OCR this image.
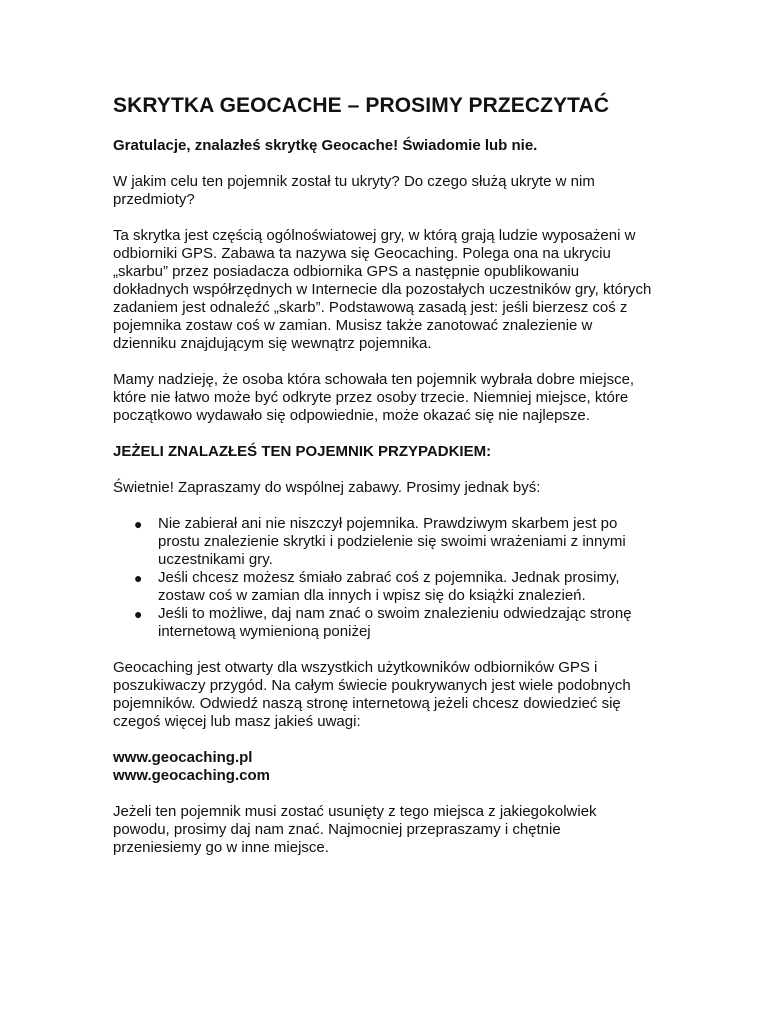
SKRYTKA GEOCACHE – PROSIMY PRZECZYTAĆ

Gratulacje, znalazłeś skrytkę Geocache! Świadomie lub nie.

W jakim celu ten pojemnik został tu ukryty? Do czego służą ukryte w nim przedmioty?

Ta skrytka jest częścią ogólnoświatowej gry, w którą grają ludzie wyposażeni w odbiorniki GPS. Zabawa ta nazywa się Geocaching. Polega ona na ukryciu „skarbu” przez posiadacza odbiornika GPS a następnie opublikowaniu dokładnych współrzędnych w Internecie dla pozostałych uczestników gry, których zadaniem jest odnaleźć „skarb”. Podstawową zasadą jest: jeśli bierzesz coś z pojemnika zostaw coś w zamian. Musisz także zanotować znalezienie w dzienniku znajdującym się wewnątrz pojemnika.

Mamy nadzieję, że osoba która schowała ten pojemnik wybrała dobre miejsce, które nie łatwo może być odkryte przez osoby trzecie. Niemniej miejsce, które początkowo wydawało się odpowiednie, może okazać się nie najlepsze.

JEŻELI ZNALAZŁEŚ TEN POJEMNIK PRZYPADKIEM:

Świetnie! Zapraszamy do wspólnej zabawy. Prosimy jednak byś:

● Nie zabierał ani nie niszczył pojemnika. Prawdziwym skarbem jest po prostu znalezienie skrytki i podzielenie się swoimi wrażeniami z innymi uczestnikami gry.
● Jeśli chcesz możesz śmiało zabrać coś z pojemnika. Jednak prosimy, zostaw coś w zamian dla innych i wpisz się do książki znalezień.
● Jeśli to możliwe, daj nam znać o swoim znalezieniu odwiedzając stronę internetową wymienioną poniżej

Geocaching jest otwarty dla wszystkich użytkowników odbiorników GPS i poszukiwaczy przygód. Na całym świecie poukrywanych jest wiele podobnych pojemników. Odwiedź naszą stronę internetową jeżeli chcesz dowiedzieć się czegoś więcej lub masz jakieś uwagi:

www.geocaching.pl
www.geocaching.com

Jeżeli ten pojemnik musi zostać usunięty z tego miejsca z jakiegokolwiek powodu, prosimy daj nam znać. Najmocniej przepraszamy i chętnie przeniesiemy go w inne miejsce.
